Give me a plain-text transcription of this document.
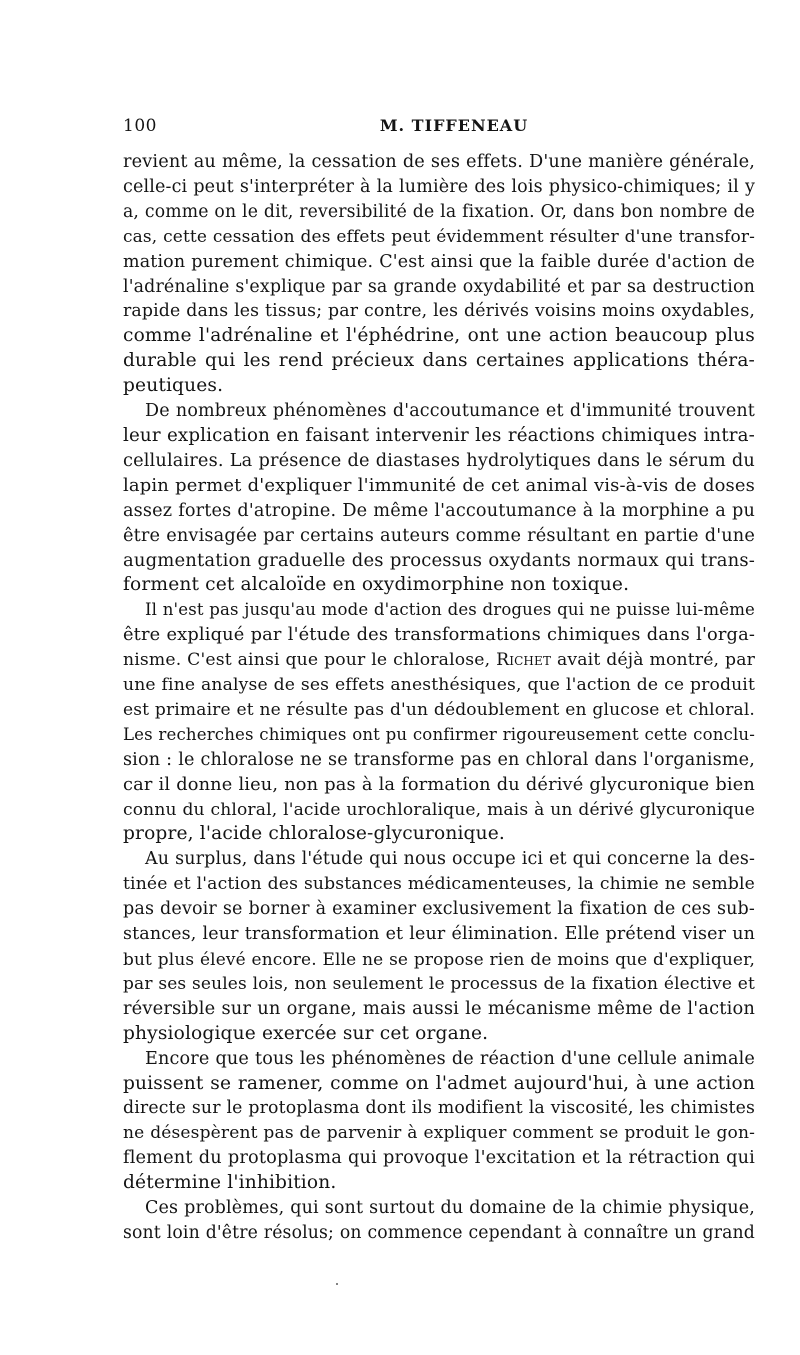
100	M. TIFFENEAU
revient au même, la cessation de ses effets. D'une manière générale,
celle-ci peut s'interpréter à la lumière des lois physico-chimiques; il y
a, comme on le dit, reversibilité de la fixation. Or, dans bon nombre de
cas, cette cessation des effets peut évidemment résulter d'une transfor-
mation purement chimique. C'est ainsi que la faible durée d'action de
l'adrénaline s'explique par sa grande oxydabilité et par sa destruction
rapide dans les tissus; par contre, les dérivés voisins moins oxydables,
comme l'adrénaline et l'éphédrine, ont une action beaucoup plus
durable qui les rend précieux dans certaines applications théra-
peutiques.
De nombreux phénomènes d'accoutumance et d'immunité trouvent
leur explication en faisant intervenir les réactions chimiques intra-
cellulaires. La présence de diastases hydrolytiques dans le sérum du
lapin permet d'expliquer l'immunité de cet animal vis-à-vis de doses
assez fortes d'atropine. De même l'accoutumance à la morphine a pu
être envisagée par certains auteurs comme résultant en partie d'une
augmentation graduelle des processus oxydants normaux qui trans-
forment cet alcaloïde en oxydimorphine non toxique.
Il n'est pas jusqu'au mode d'action des drogues qui ne puisse lui-même
être expliqué par l'étude des transformations chimiques dans l'orga-
nisme. C'est ainsi que pour le chloralose, Richet avait déjà montré, par
une fine analyse de ses effets anesthésiques, que l'action de ce produit
est primaire et ne résulte pas d'un dédoublement en glucose et chloral.
Les recherches chimiques ont pu confirmer rigoureusement cette conclu-
sion : le chloralose ne se transforme pas en chloral dans l'organisme,
car il donne lieu, non pas à la formation du dérivé glycuronique bien
connu du chloral, l'acide urochloralique, mais à un dérivé glycuronique
propre, l'acide chloralose-glycuronique.
Au surplus, dans l'étude qui nous occupe ici et qui concerne la des-
tinée et l'action des substances médicamenteuses, la chimie ne semble
pas devoir se borner à examiner exclusivement la fixation de ces sub-
stances, leur transformation et leur élimination. Elle prétend viser un
but plus élevé encore. Elle ne se propose rien de moins que d'expliquer,
par ses seules lois, non seulement le processus de la fixation élective et
réversible sur un organe, mais aussi le mécanisme même de l'action
physiologique exercée sur cet organe.
Encore que tous les phénomènes de réaction d'une cellule animale
puissent se ramener, comme on l'admet aujourd'hui, à une action
directe sur le protoplasma dont ils modifient la viscosité, les chimistes
ne désespèrent pas de parvenir à expliquer comment se produit le gon-
flement du protoplasma qui provoque l'excitation et la rétraction qui
détermine l'inhibition.
Ces problèmes, qui sont surtout du domaine de la chimie physique,
sont loin d'être résolus; on commence cependant à connaître un grand
